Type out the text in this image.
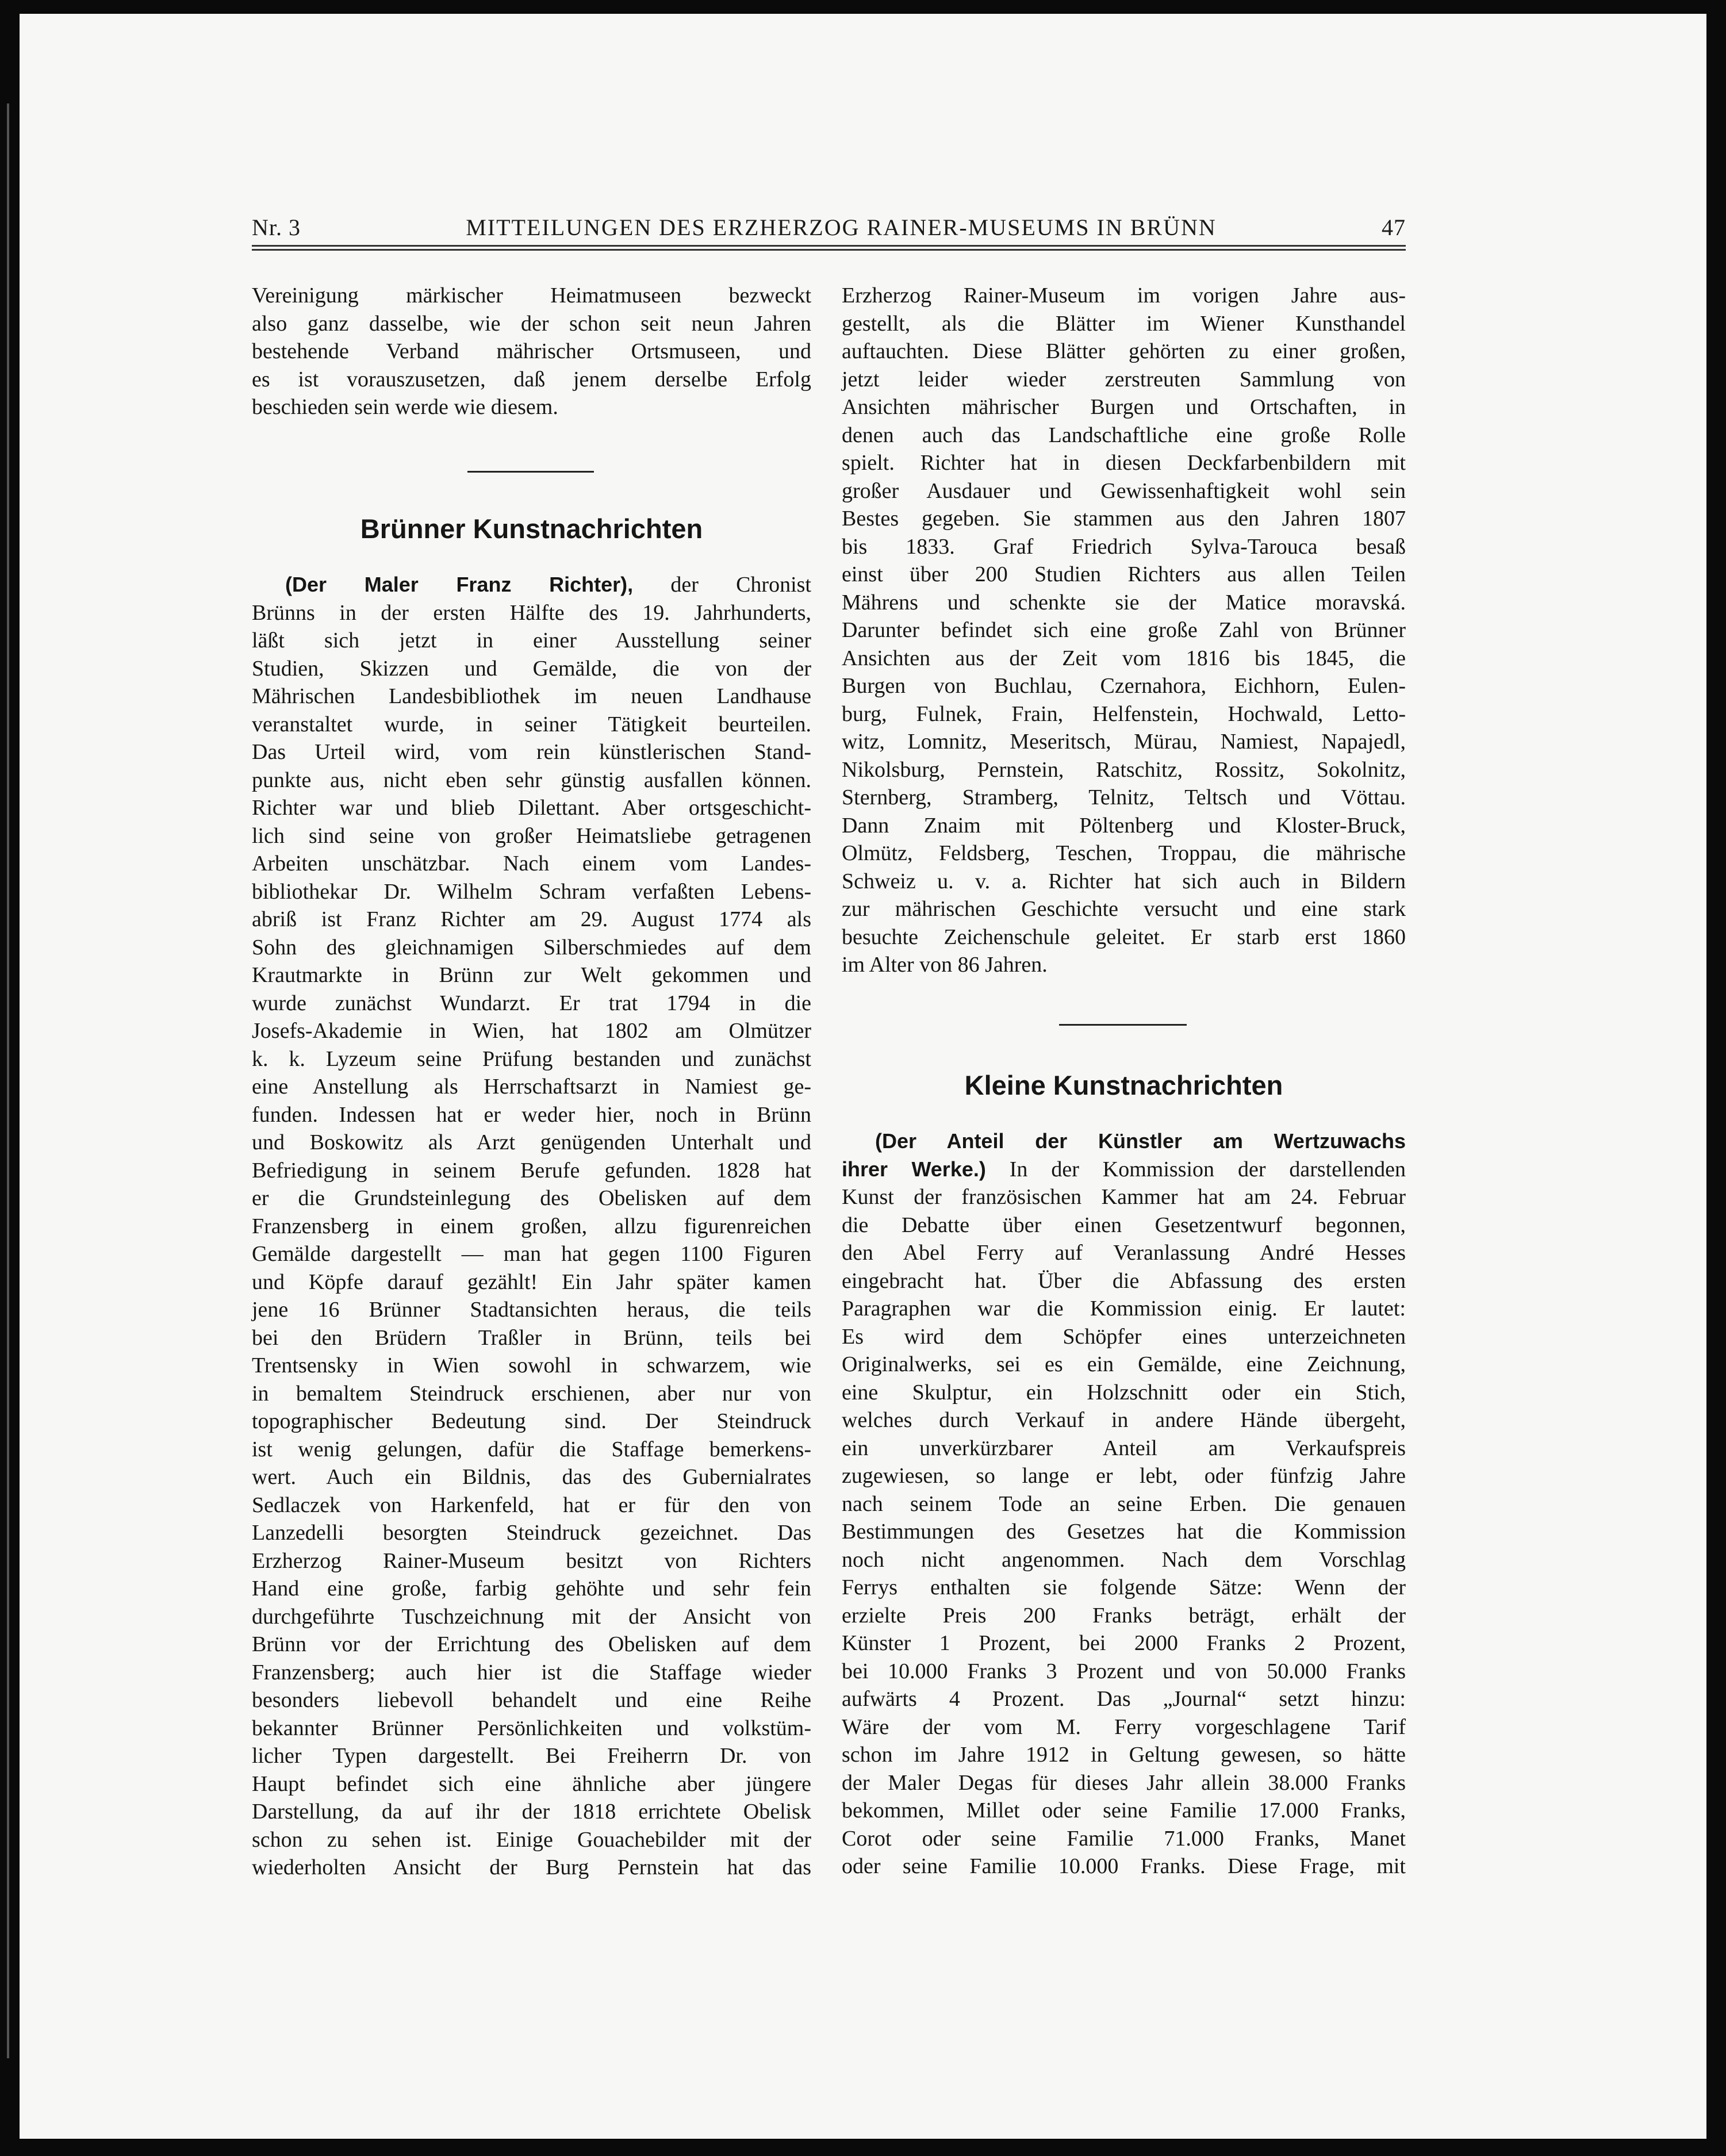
Nr. 3	MITTEILUNGEN DES ERZHERZOG RAINER-MUSEUMS IN BRÜNN	47
Vereinigung märkischer Heimatmuseen bezweckt
also ganz dasselbe, wie der schon seit neun Jahren
bestehende Verband mährischer Ortsmuseen, und
es ist vorauszusetzen, daß jenem derselbe Erfolg
beschieden sein werde wie diesem.
Brünner Kunstnachrichten
(Der Maler Franz Richter), der Chronist
Brünns in der ersten Hälfte des 19. Jahrhunderts,
läßt sich jetzt in einer Ausstellung seiner
Studien, Skizzen und Gemälde, die von der
Mährischen Landesbibliothek im neuen Landhause
veranstaltet wurde, in seiner Tätigkeit beurteilen.
Das Urteil wird, vom rein künstlerischen Stand-
punkte aus, nicht eben sehr günstig ausfallen können.
Richter war und blieb Dilettant. Aber ortsgeschicht-
lich sind seine von großer Heimatsliebe getragenen
Arbeiten unschätzbar. Nach einem vom Landes-
bibliothekar Dr. Wilhelm Schram verfaßten Lebens-
abriß ist Franz Richter am 29. August 1774 als
Sohn des gleichnamigen Silberschmiedes auf dem
Krautmarkte in Brünn zur Welt gekommen und
wurde zunächst Wundarzt. Er trat 1794 in die
Josefs-Akademie in Wien, hat 1802 am Olmützer
k. k. Lyzeum seine Prüfung bestanden und zunächst
eine Anstellung als Herrschaftsarzt in Namiest ge-
funden. Indessen hat er weder hier, noch in Brünn
und Boskowitz als Arzt genügenden Unterhalt und
Befriedigung in seinem Berufe gefunden. 1828 hat
er die Grundsteinlegung des Obelisken auf dem
Franzensberg in einem großen, allzu figurenreichen
Gemälde dargestellt — man hat gegen 1100 Figuren
und Köpfe darauf gezählt! Ein Jahr später kamen
jene 16 Brünner Stadtansichten heraus, die teils
bei den Brüdern Traßler in Brünn, teils bei
Trentsensky in Wien sowohl in schwarzem, wie
in bemaltem Steindruck erschienen, aber nur von
topographischer Bedeutung sind. Der Steindruck
ist wenig gelungen, dafür die Staffage bemerkens-
wert. Auch ein Bildnis, das des Gubernialrates
Sedlaczek von Harkenfeld, hat er für den von
Lanzedelli besorgten Steindruck gezeichnet. Das
Erzherzog Rainer-Museum besitzt von Richters
Hand eine große, farbig gehöhte und sehr fein
durchgeführte Tuschzeichnung mit der Ansicht von
Brünn vor der Errichtung des Obelisken auf dem
Franzensberg; auch hier ist die Staffage wieder
besonders liebevoll behandelt und eine Reihe
bekannter Brünner Persönlichkeiten und volkstüm-
licher Typen dargestellt. Bei Freiherrn Dr. von
Haupt befindet sich eine ähnliche aber jüngere
Darstellung, da auf ihr der 1818 errichtete Obelisk
schon zu sehen ist. Einige Gouachebilder mit der
wiederholten Ansicht der Burg Pernstein hat das
Erzherzog Rainer-Museum im vorigen Jahre aus-
gestellt, als die Blätter im Wiener Kunsthandel
auftauchten. Diese Blätter gehörten zu einer großen,
jetzt leider wieder zerstreuten Sammlung von
Ansichten mährischer Burgen und Ortschaften, in
denen auch das Landschaftliche eine große Rolle
spielt. Richter hat in diesen Deckfarbenbildern mit
großer Ausdauer und Gewissenhaftigkeit wohl sein
Bestes gegeben. Sie stammen aus den Jahren 1807
bis 1833. Graf Friedrich Sylva-Tarouca besaß
einst über 200 Studien Richters aus allen Teilen
Mährens und schenkte sie der Matice moravská.
Darunter befindet sich eine große Zahl von Brünner
Ansichten aus der Zeit vom 1816 bis 1845, die
Burgen von Buchlau, Czernahora, Eichhorn, Eulen-
burg, Fulnek, Frain, Helfenstein, Hochwald, Letto-
witz, Lomnitz, Meseritsch, Mürau, Namiest, Napajedl,
Nikolsburg, Pernstein, Ratschitz, Rossitz, Sokolnitz,
Sternberg, Stramberg, Telnitz, Teltsch und Vöttau.
Dann Znaim mit Pöltenberg und Kloster-Bruck,
Olmütz, Feldsberg, Teschen, Troppau, die mährische
Schweiz u. v. a. Richter hat sich auch in Bildern
zur mährischen Geschichte versucht und eine stark
besuchte Zeichenschule geleitet. Er starb erst 1860
im Alter von 86 Jahren.
Kleine Kunstnachrichten
(Der Anteil der Künstler am Wertzuwachs
ihrer Werke.) In der Kommission der darstellenden
Kunst der französischen Kammer hat am 24. Februar
die Debatte über einen Gesetzentwurf begonnen,
den Abel Ferry auf Veranlassung André Hesses
eingebracht hat. Über die Abfassung des ersten
Paragraphen war die Kommission einig. Er lautet:
Es wird dem Schöpfer eines unterzeichneten
Originalwerks, sei es ein Gemälde, eine Zeichnung,
eine Skulptur, ein Holzschnitt oder ein Stich,
welches durch Verkauf in andere Hände übergeht,
ein unverkürzbarer Anteil am Verkaufspreis
zugewiesen, so lange er lebt, oder fünfzig Jahre
nach seinem Tode an seine Erben. Die genauen
Bestimmungen des Gesetzes hat die Kommission
noch nicht angenommen. Nach dem Vorschlag
Ferrys enthalten sie folgende Sätze: Wenn der
erzielte Preis 200 Franks beträgt, erhält der
Künster 1 Prozent, bei 2000 Franks 2 Prozent,
bei 10.000 Franks 3 Prozent und von 50.000 Franks
aufwärts 4 Prozent. Das „Journal“ setzt hinzu:
Wäre der vom M. Ferry vorgeschlagene Tarif
schon im Jahre 1912 in Geltung gewesen, so hätte
der Maler Degas für dieses Jahr allein 38.000 Franks
bekommen, Millet oder seine Familie 17.000 Franks,
Corot oder seine Familie 71.000 Franks, Manet
oder seine Familie 10.000 Franks. Diese Frage, mit
